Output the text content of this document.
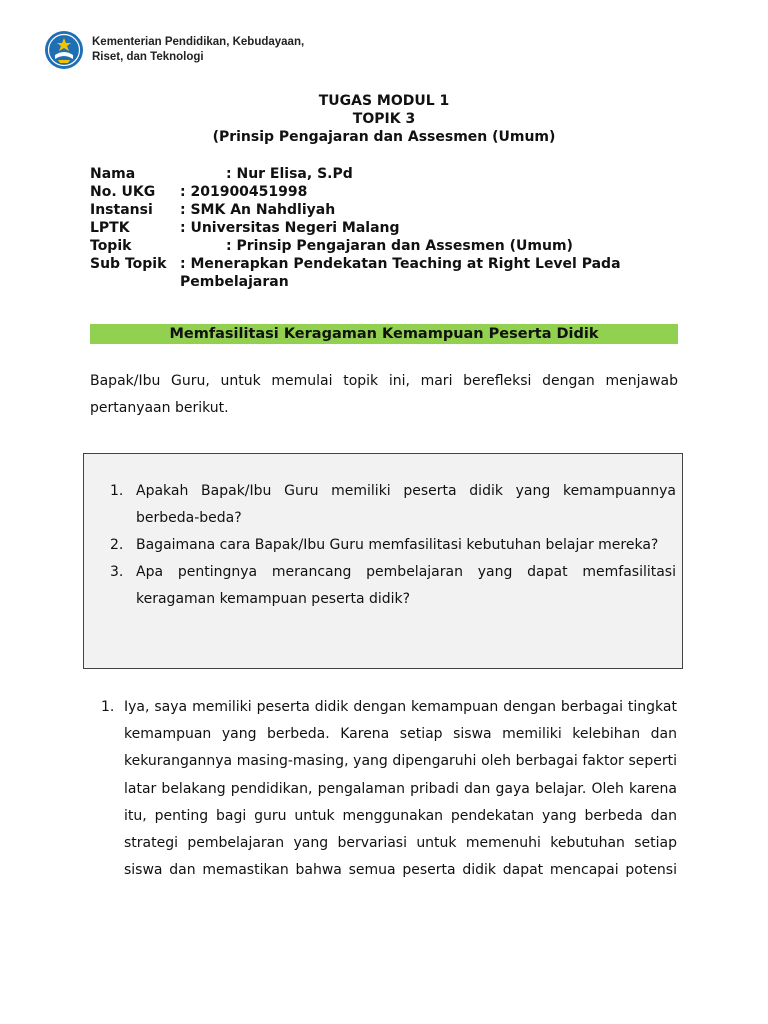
Kementerian Pendidikan, Kebudayaan,
Riset, dan Teknologi
TUGAS MODUL 1
TOPIK 3
(Prinsip Pengajaran dan Assesmen (Umum)
Nama	: Nur Elisa, S.Pd
No. UKG	: 201900451998
Instansi	: SMK An Nahdliyah
LPTK	: Universitas Negeri Malang
Topik	: Prinsip Pengajaran dan Assesmen (Umum)
Sub Topik : Menerapkan Pendekatan Teaching at Right Level Pada Pembelajaran
Memfasilitasi Keragaman Kemampuan Peserta Didik
Bapak/Ibu Guru, untuk memulai topik ini, mari berefleksi dengan menjawab pertanyaan berikut.
1. Apakah Bapak/Ibu Guru memiliki peserta didik yang kemampuannya berbeda-beda?
2. Bagaimana cara Bapak/Ibu Guru memfasilitasi kebutuhan belajar mereka?
3. Apa pentingnya merancang pembelajaran yang dapat memfasilitasi keragaman kemampuan peserta didik?
1. Iya, saya memiliki peserta didik dengan kemampuan dengan berbagai tingkat kemampuan yang berbeda. Karena setiap siswa memiliki kelebihan dan kekurangannya masing-masing, yang dipengaruhi oleh berbagai faktor seperti latar belakang pendidikan, pengalaman pribadi dan gaya belajar. Oleh karena itu, penting bagi guru untuk menggunakan pendekatan yang berbeda dan strategi pembelajaran yang bervariasi untuk memenuhi kebutuhan setiap siswa dan memastikan bahwa semua peserta didik dapat mencapai potensi
